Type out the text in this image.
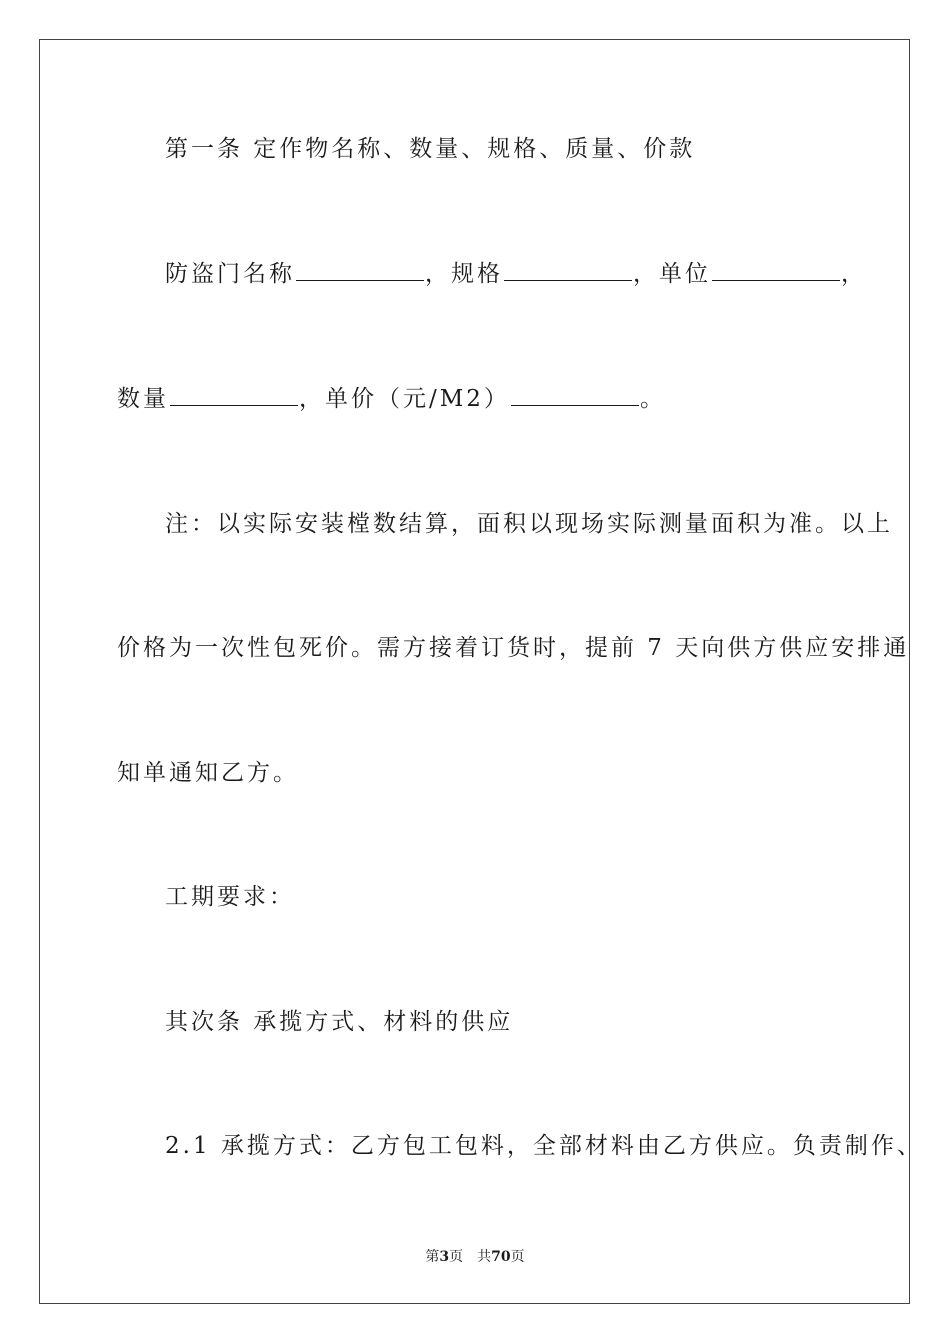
第一条 定作物名称、数量、规格、质量、价款
防盗门名称	，规格	，单位	，
数量	，单价（元/M2）	。
注：以实际安装樘数结算，面积以现场实际测量面积为准。以上
价格为一次性包死价。需方接着订货时，提前 7 天向供方供应安排通
知单通知乙方。
工期要求：
其次条 承揽方式、材料的供应
2.1 承揽方式：乙方包工包料，全部材料由乙方供应。负责制作、
第3页 共70页
